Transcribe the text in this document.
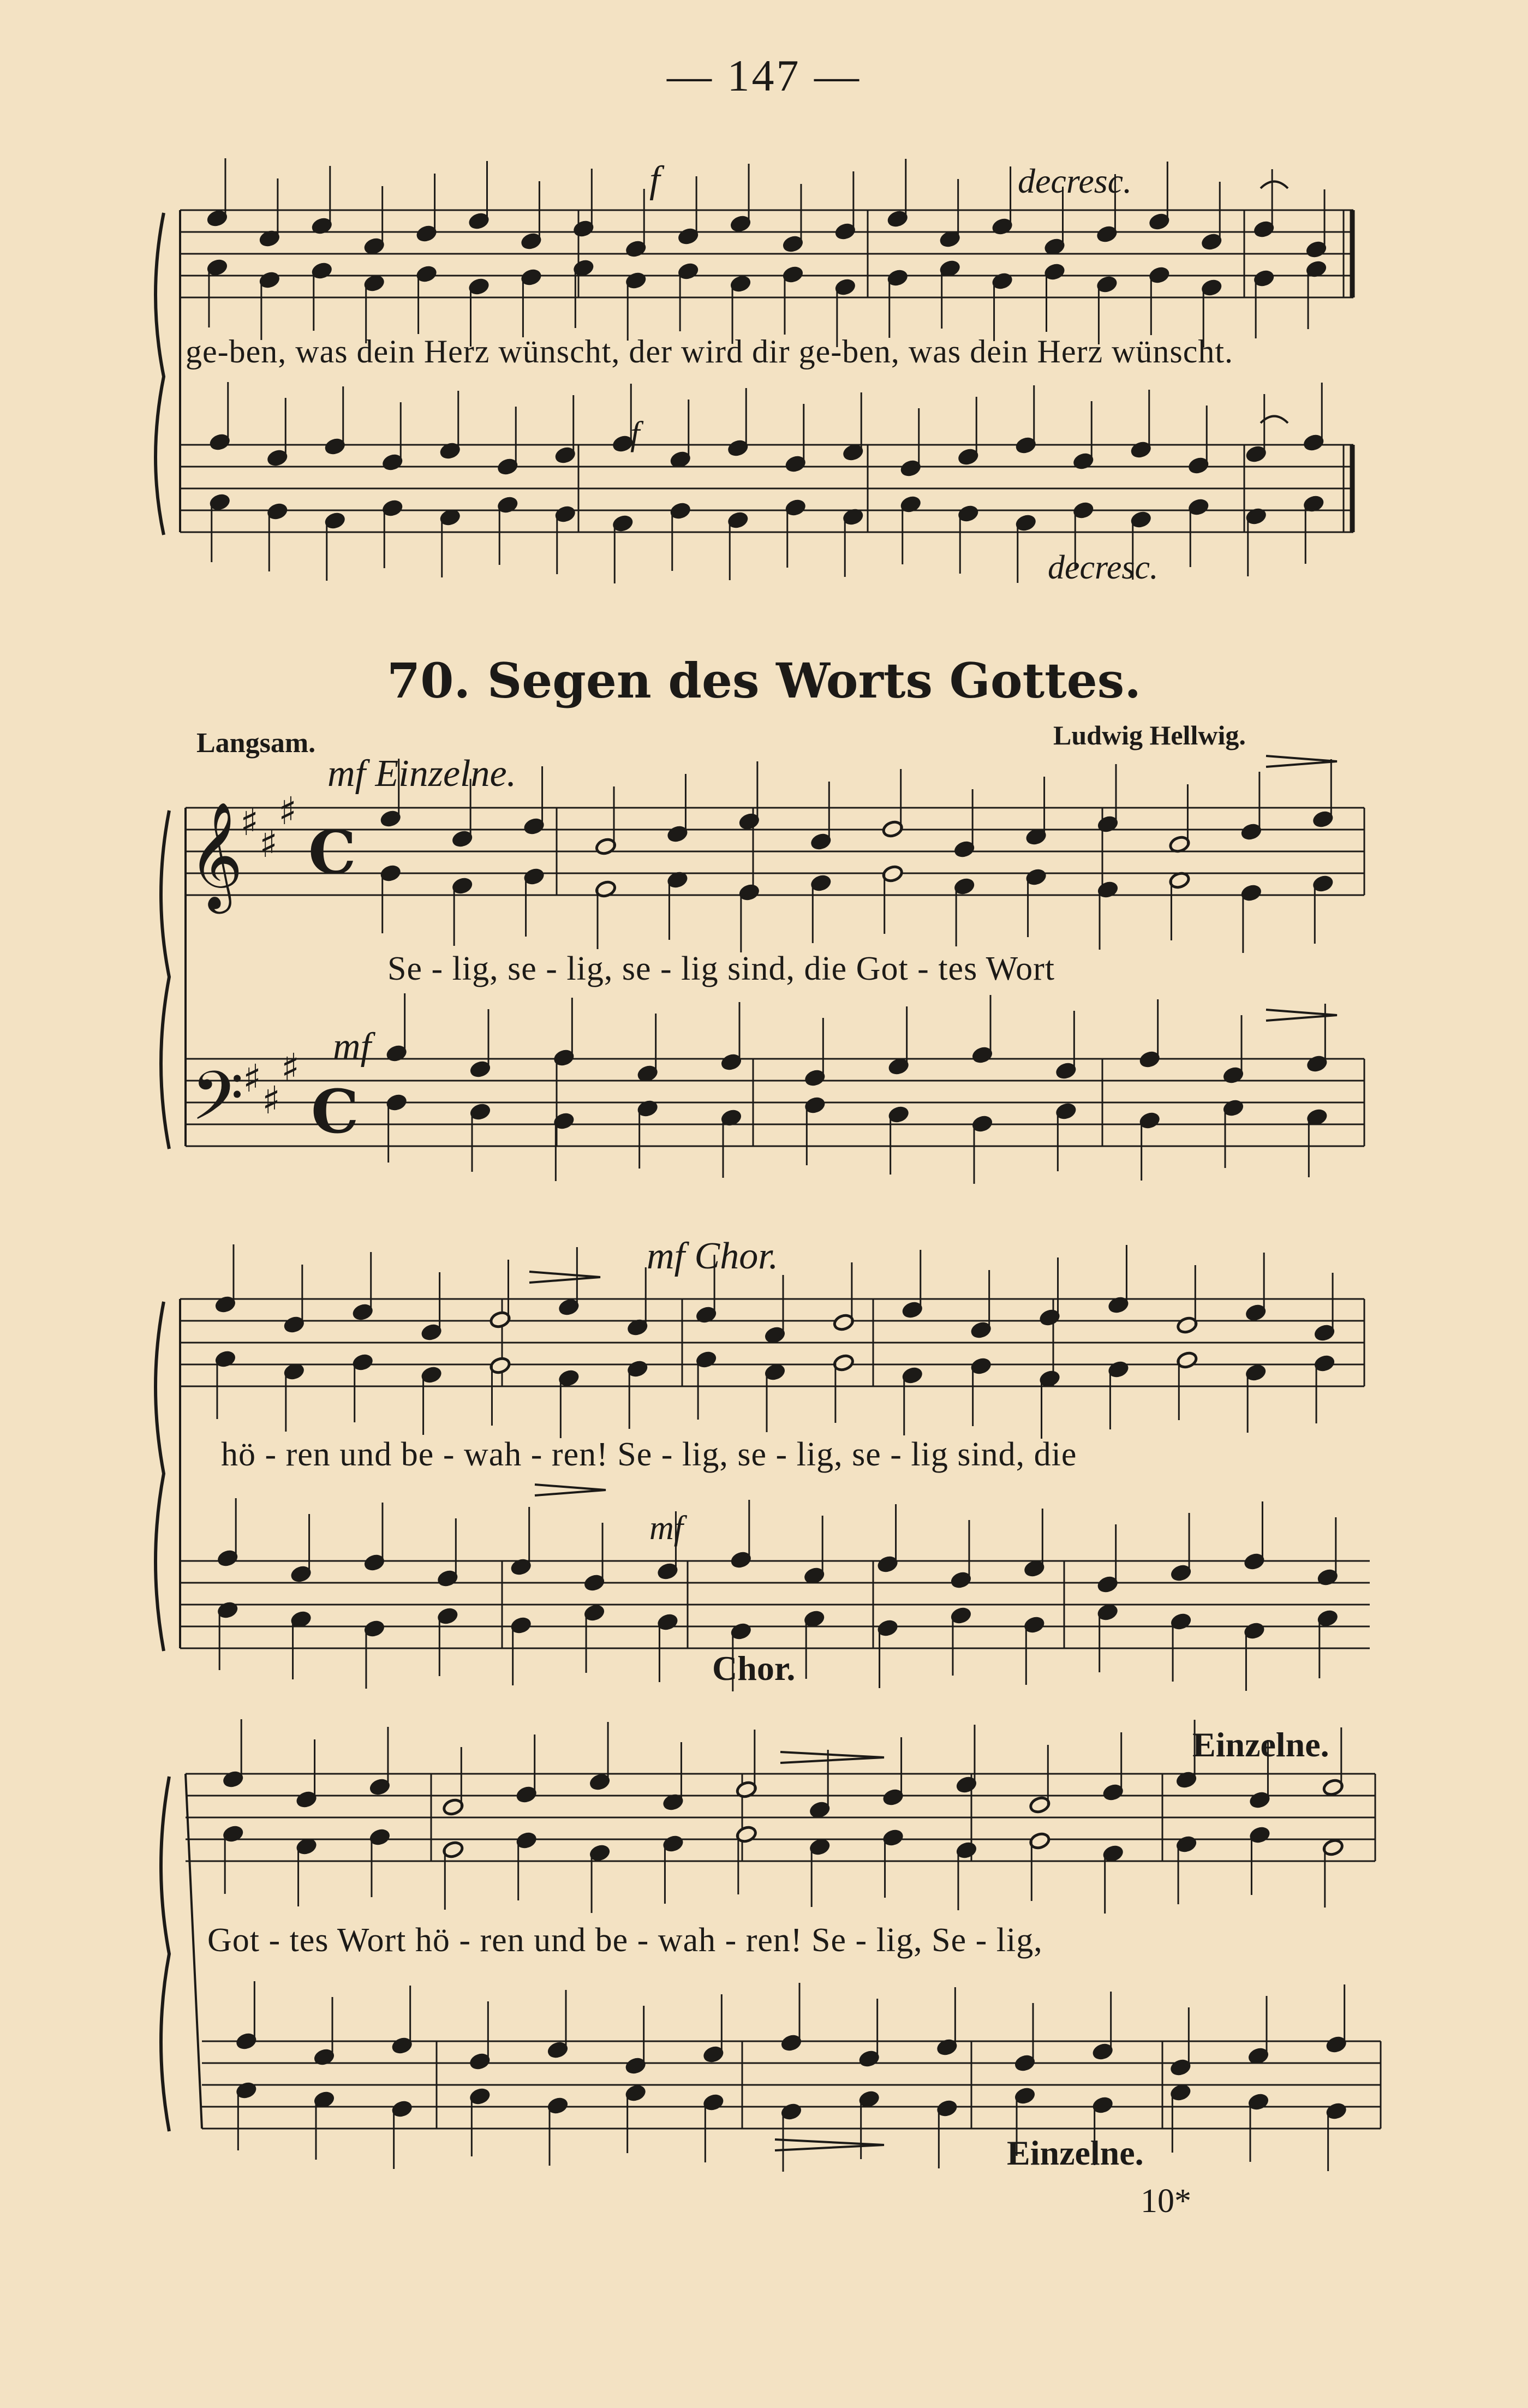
— 147 —
𝄞
𝄢
♯ ♯
♯
♯ ♯
♯
C
C
f	decresc.
ge-ben, was dein Herz wünscht, der wird dir ge-ben, was dein Herz wünscht.
f
decresc.
70. Segen des Worts Gottes.
Langsam.	Ludwig Hellwig.
mf Einzelne.
Se - lig, se - lig, se - lig sind, die Got - tes Wort
mf
mf Chor.
hö - ren und be - wah - ren! Se - lig, se - lig, se - lig sind, die
mf
Chor.
Einzelne.
Got - tes Wort hö - ren und be - wah - ren! Se - lig, Se - lig,
Einzelne.
10*
